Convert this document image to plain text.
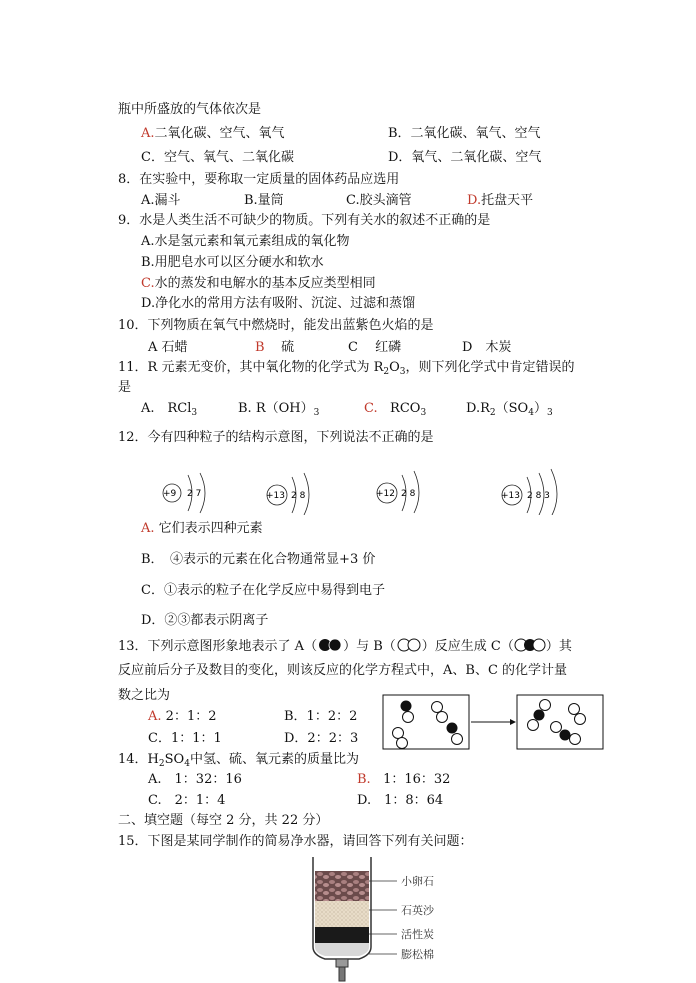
瓶中所盛放的气体依次是
A.二氧化碳、空气、氧气	B．二氧化碳、氧气、空气
C．空气、氧气、二氧化碳	D．氧气、二氧化碳、空气
8．在实验中，要称取一定质量的固体药品应选用
A.漏斗	B.量筒	C.胶头滴管	D.托盘天平
9．水是人类生活不可缺少的物质。下列有关水的叙述不正确的是
A.水是氢元素和氧元素组成的氧化物
B.用肥皂水可以区分硬水和软水
C.水的蒸发和电解水的基本反应类型相同
D.净化水的常用方法有吸附、沉淀、过滤和蒸馏
10．下列物质在氧气中燃烧时，能发出蓝紫色火焰的是
A 石蜡	B 硫	C　 红磷	D　木炭
11．R 元素无变价，其中氧化物的化学式为 $R_2O_3$，则下列化学式中肯定错误的
是
A.　RCl$_3$	B. $R(OH)_3$	C. $RCO_3$	$D.R_2(SO_4)_3$
12．今有四种粒子的结构示意图，下列说法不正确的是
+9 2 7	+13 2 8	+12 2 8	+13 2 8 3
A. 它们表示四种元素
B．　④表示的元素在化合物通常显+3 价
C．①表示的粒子在化学反应中易得到电子
D．②③都表示阴离子
13．下列示意图形象地表示了 A（ ）与 B（ ）反应生成 C（ ）其
反应前后分子及数目的变化，则该反应的化学方程式中，A、B、C 的化学计量
数之比为
A. 2：1：2	B．1：2：2
C．1：1：1	D．2：2：3
14．$H_2SO_4$中氢、硫、氧元素的质量比为
A.　1：32：16	B. 1：16：32
C.　2：1：4	D.　1：8：64
二、填空题（每空 2 分，共 22 分）
15．下图是某同学制作的简易净水器，请回答下列有关问题：
小卵石
石英沙
活性炭
膨松棉
